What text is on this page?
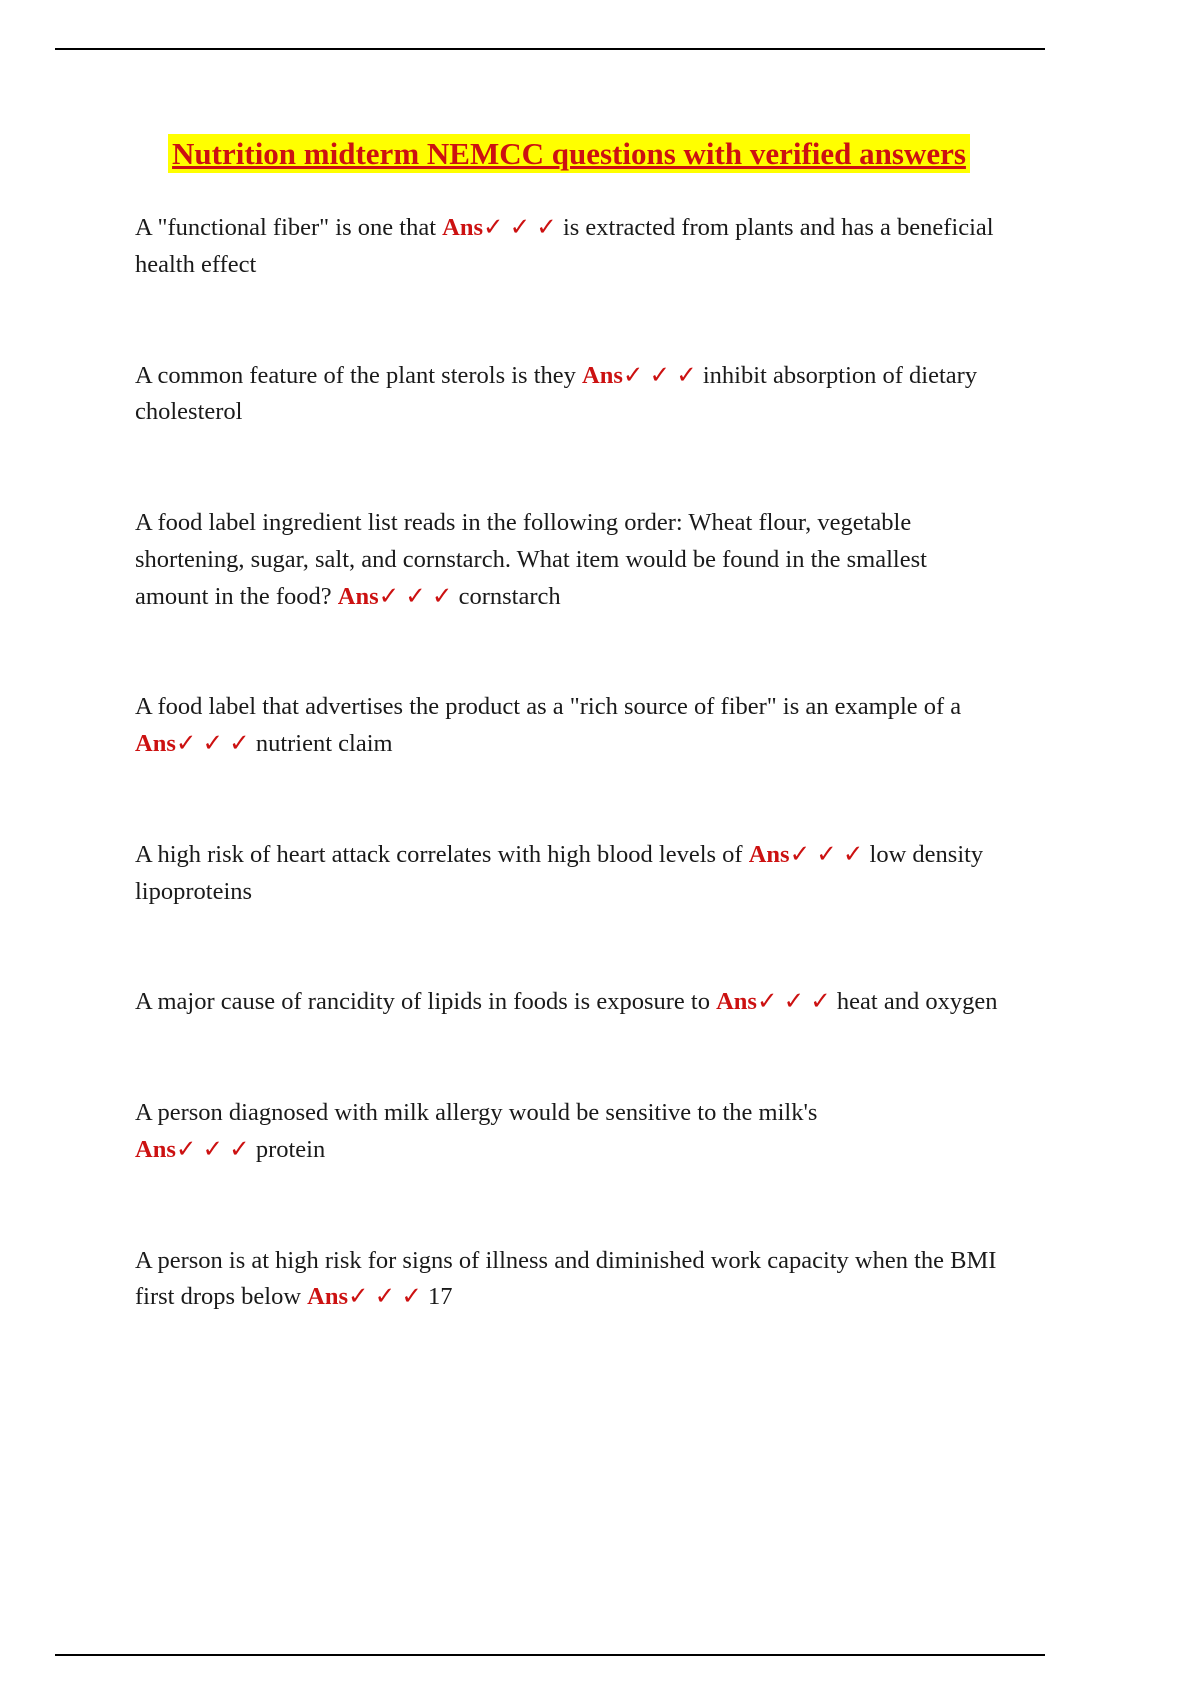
Nutrition midterm NEMCC questions with verified answers

A "functional fiber" is one that Ans✓ ✓ ✓ is extracted from plants and has a beneficial health effect

A common feature of the plant sterols is they Ans✓ ✓ ✓ inhibit absorption of dietary cholesterol

A food label ingredient list reads in the following order: Wheat flour, vegetable shortening, sugar, salt, and cornstarch. What item would be found in the smallest amount in the food? Ans✓ ✓ ✓ cornstarch

A food label that advertises the product as a "rich source of fiber" is an example of a Ans✓ ✓ ✓ nutrient claim

A high risk of heart attack correlates with high blood levels of Ans✓ ✓ ✓ low density lipoproteins

A major cause of rancidity of lipids in foods is exposure to Ans✓ ✓ ✓ heat and oxygen

A person diagnosed with milk allergy would be sensitive to the milk's Ans✓ ✓ ✓ protein

A person is at high risk for signs of illness and diminished work capacity when the BMI first drops below Ans✓ ✓ ✓ 17
